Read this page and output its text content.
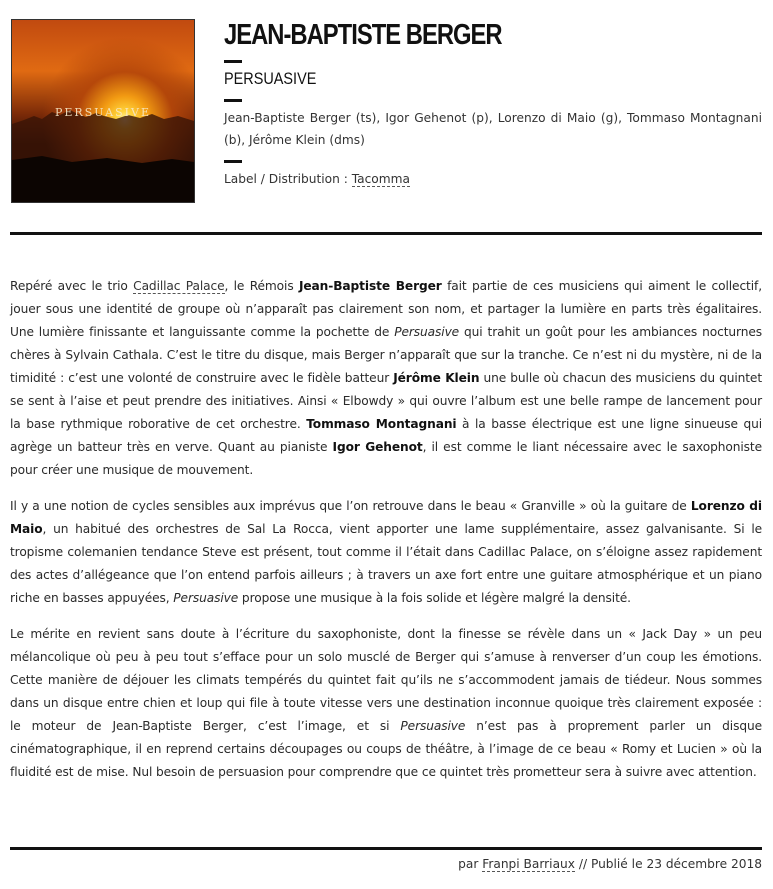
PERSUASIVE
JEAN-BAPTISTE BERGER
PERSUASIVE
Jean-Baptiste Berger (ts), Igor Gehenot (p), Lorenzo di Maio (g), Tommaso Montagnani (b), Jérôme Klein (dms)
Label / Distribution : Tacomma

Repéré avec le trio Cadillac Palace, le Rémois Jean-Baptiste Berger fait partie de ces musiciens qui aiment le collectif, jouer sous une identité de groupe où n’apparaît pas clairement son nom, et partager la lumière en parts très égalitaires. Une lumière finissante et languissante comme la pochette de Persuasive qui trahit un goût pour les ambiances nocturnes chères à Sylvain Cathala. C’est le titre du disque, mais Berger n’apparaît que sur la tranche. Ce n’est ni du mystère, ni de la timidité : c’est une volonté de construire avec le fidèle batteur Jérôme Klein une bulle où chacun des musiciens du quintet se sent à l’aise et peut prendre des initiatives. Ainsi « Elbowdy » qui ouvre l’album est une belle rampe de lancement pour la base rythmique roborative de cet orchestre. Tommaso Montagnani à la basse électrique est une ligne sinueuse qui agrège un batteur très en verve. Quant au pianiste Igor Gehenot, il est comme le liant nécessaire avec le saxophoniste pour créer une musique de mouvement.

Il y a une notion de cycles sensibles aux imprévus que l’on retrouve dans le beau « Granville » où la guitare de Lorenzo di Maio, un habitué des orchestres de Sal La Rocca, vient apporter une lame supplémentaire, assez galvanisante. Si le tropisme colemanien tendance Steve est présent, tout comme il l’était dans Cadillac Palace, on s’éloigne assez rapidement des actes d’allégeance que l’on entend parfois ailleurs ; à travers un axe fort entre une guitare atmosphérique et un piano riche en basses appuyées, Persuasive propose une musique à la fois solide et légère malgré la densité.

Le mérite en revient sans doute à l’écriture du saxophoniste, dont la finesse se révèle dans un « Jack Day » un peu mélancolique où peu à peu tout s’efface pour un solo musclé de Berger qui s’amuse à renverser d’un coup les émotions. Cette manière de déjouer les climats tempérés du quintet fait qu’ils ne s’accommodent jamais de tiédeur. Nous sommes dans un disque entre chien et loup qui file à toute vitesse vers une destination inconnue quoique très clairement exposée : le moteur de Jean-Baptiste Berger, c’est l’image, et si Persuasive n’est pas à proprement parler un disque cinématographique, il en reprend certains découpages ou coups de théâtre, à l’image de ce beau « Romy et Lucien » où la fluidité est de mise. Nul besoin de persuasion pour comprendre que ce quintet très prometteur sera à suivre avec attention.

par Franpi Barriaux // Publié le 23 décembre 2018
